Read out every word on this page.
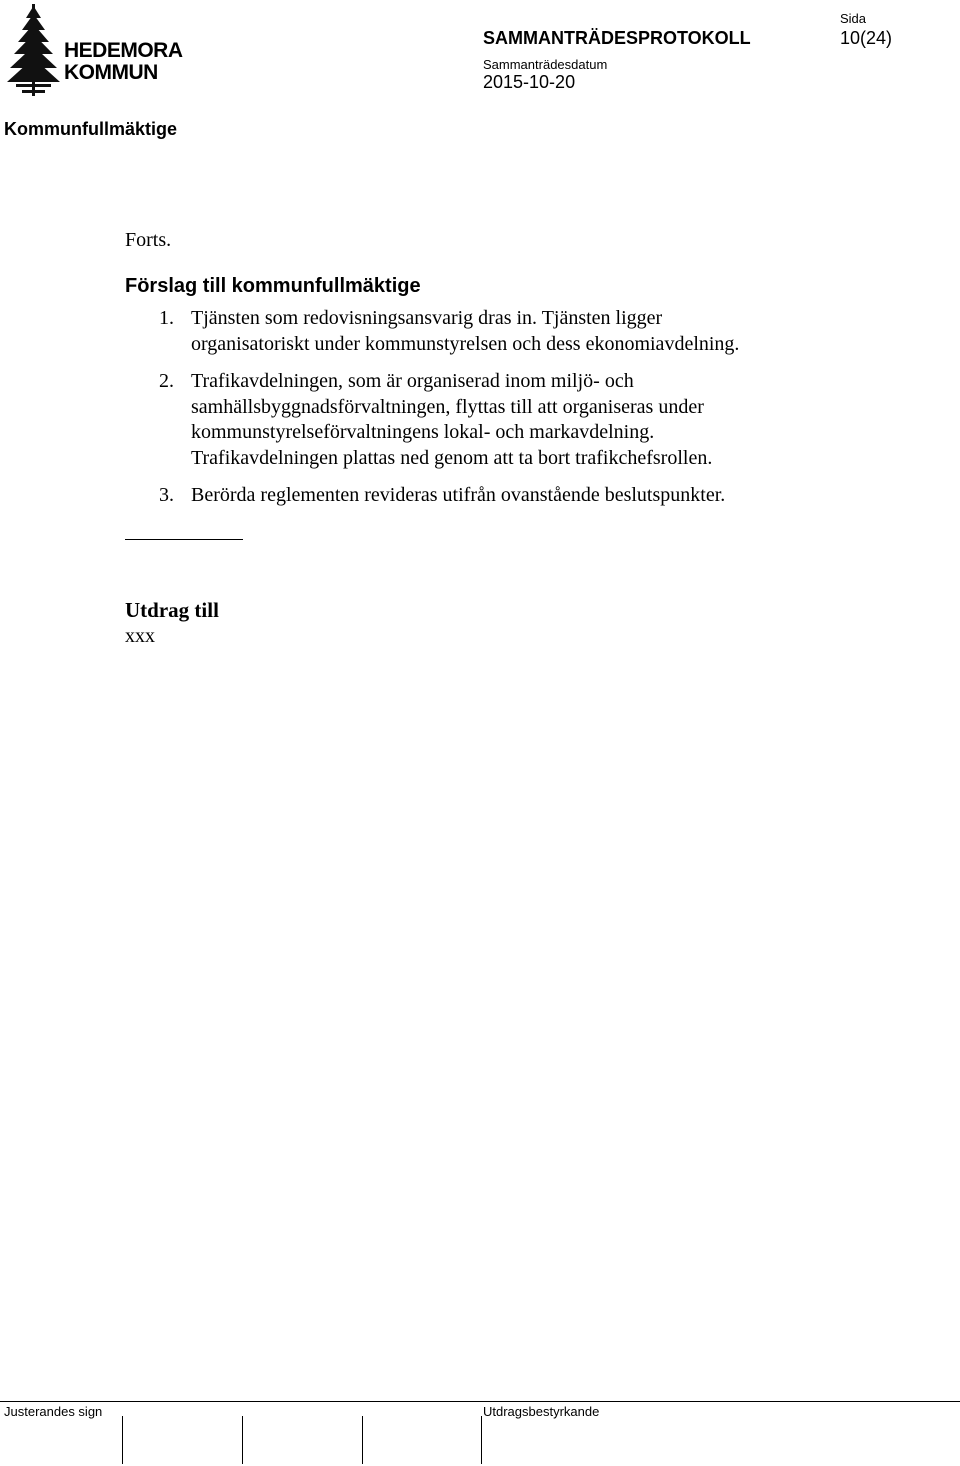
HEDEMORA
KOMMUN
SAMMANTRÄDESPROTOKOLL
Sida
10(24)
Sammanträdesdatum
2015-10-20
Kommunfullmäktige
Forts.
Förslag till kommunfullmäktige
1. Tjänsten som redovisningsansvarig dras in. Tjänsten ligger
organisatoriskt under kommunstyrelsen och dess ekonomiavdelning.
2. Trafikavdelningen, som är organiserad inom miljö- och
samhällsbyggnadsförvaltningen, flyttas till att organiseras under
kommunstyrelseförvaltningens lokal- och markavdelning.
Trafikavdelningen plattas ned genom att ta bort trafikchefsrollen.
3. Berörda reglementen revideras utifrån ovanstående beslutspunkter.
Utdrag till
xxx
Justerandes sign	Utdragsbestyrkande
